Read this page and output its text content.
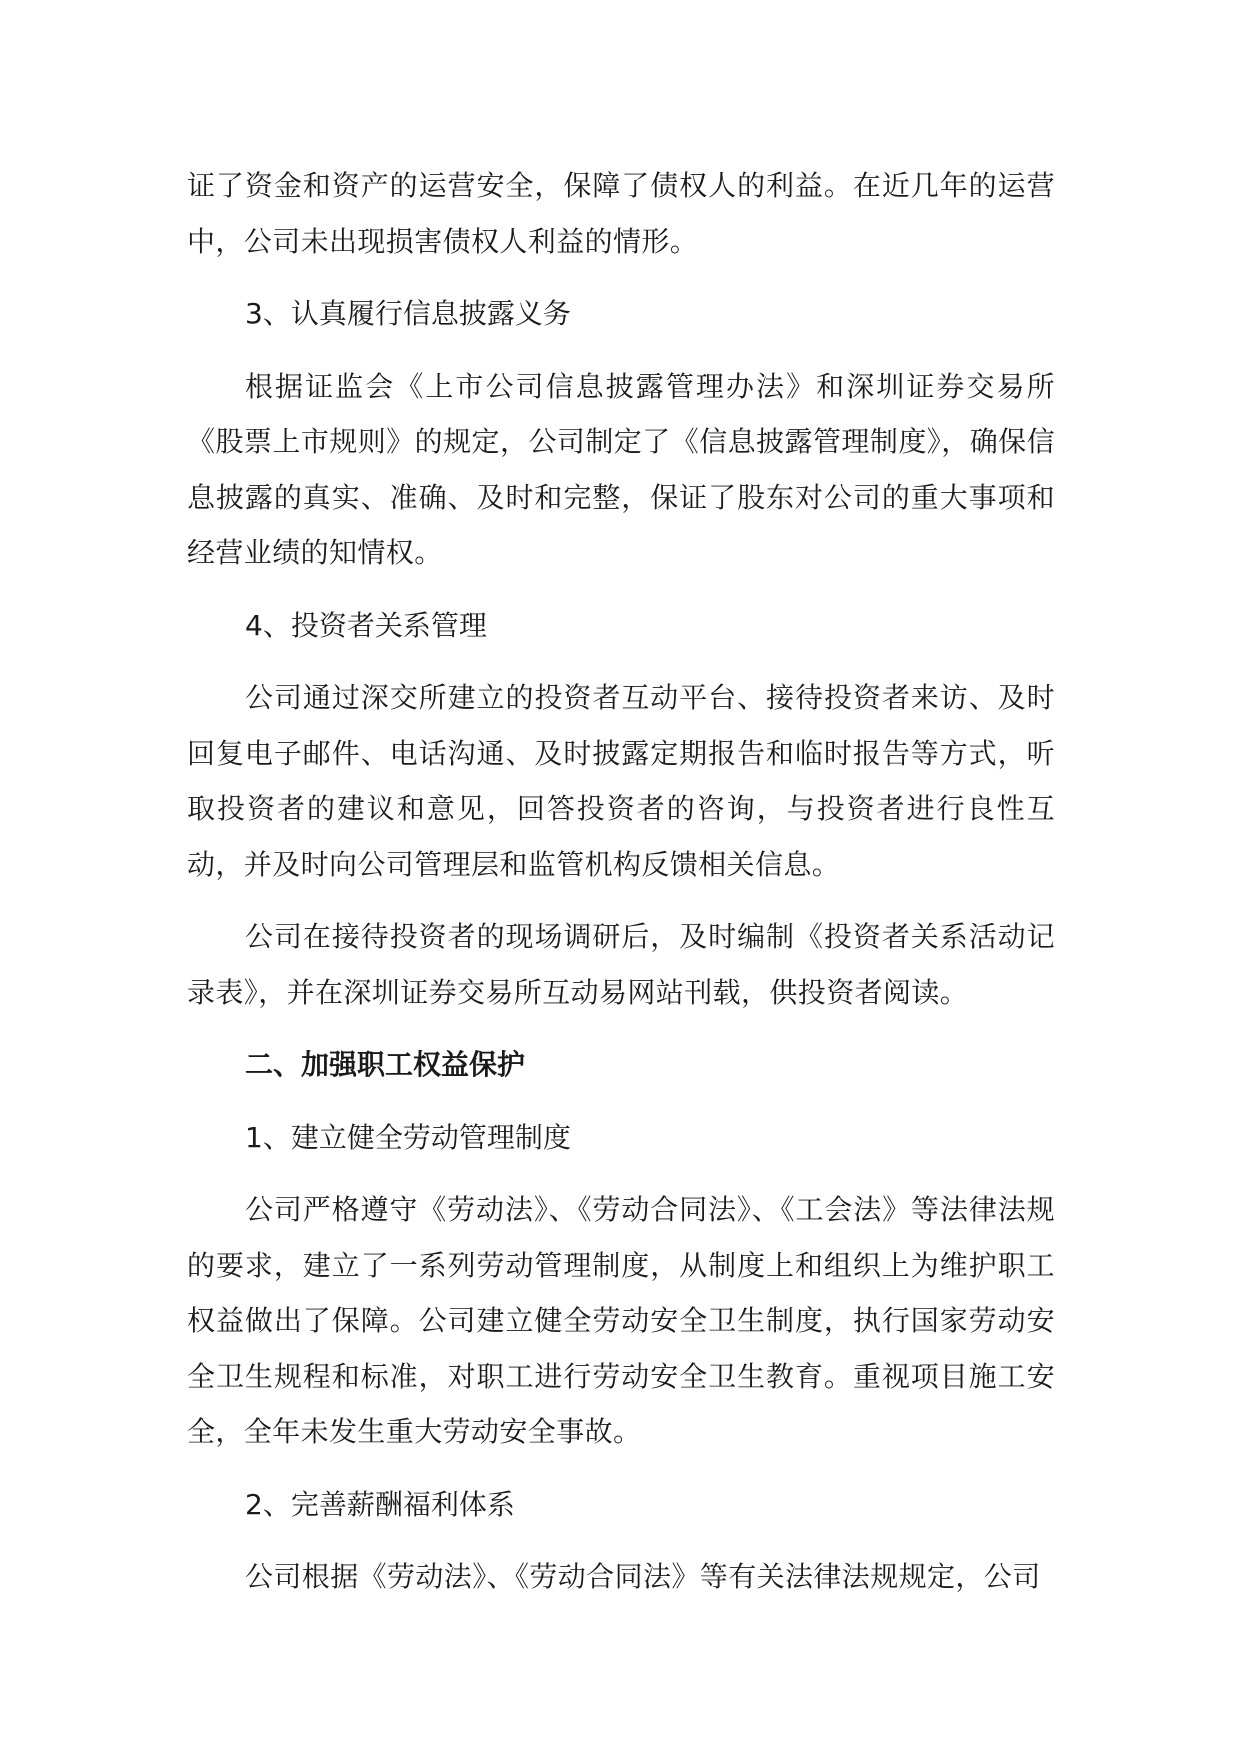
证了资金和资产的运营安全，保障了债权人的利益。在近几年的运营中，公司未出现损害债权人利益的情形。

3、认真履行信息披露义务

根据证监会《上市公司信息披露管理办法》和深圳证券交易所《股票上市规则》的规定，公司制定了《信息披露管理制度》，确保信息披露的真实、准确、及时和完整，保证了股东对公司的重大事项和经营业绩的知情权。

4、投资者关系管理

公司通过深交所建立的投资者互动平台、接待投资者来访、及时回复电子邮件、电话沟通、及时披露定期报告和临时报告等方式，听取投资者的建议和意见，回答投资者的咨询，与投资者进行良性互动，并及时向公司管理层和监管机构反馈相关信息。

公司在接待投资者的现场调研后，及时编制《投资者关系活动记录表》，并在深圳证券交易所互动易网站刊载，供投资者阅读。

二、加强职工权益保护

1、建立健全劳动管理制度

公司严格遵守《劳动法》、《劳动合同法》、《工会法》等法律法规的要求，建立了一系列劳动管理制度，从制度上和组织上为维护职工权益做出了保障。公司建立健全劳动安全卫生制度，执行国家劳动安全卫生规程和标准，对职工进行劳动安全卫生教育。重视项目施工安全，全年未发生重大劳动安全事故。

2、完善薪酬福利体系

公司根据《劳动法》、《劳动合同法》等有关法律法规规定，公司
